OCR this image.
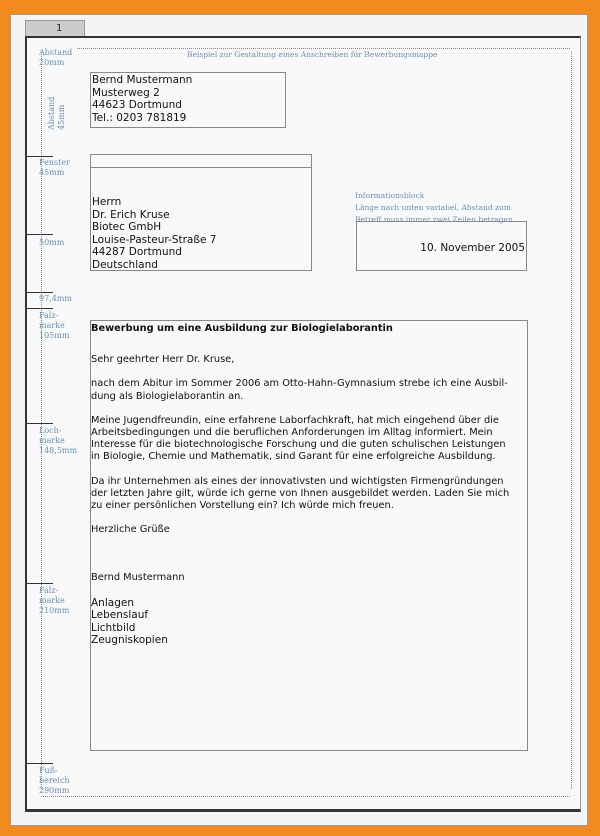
1
Beispiel zur Gestaltung eines Anschreiben für Bewerbungsmappe
Abstand
20mm
Abstand 45mm
Fenster
45mm
50mm
97,4mm
Falz-
marke
105mm
Loch-
marke
148,5mm
Falz-
marke
210mm
Fuß-
bereich
290mm
Bernd Mustermann
Musterweg 2
44623 Dortmund
Tel.: 0203 781819
Herrn
Dr. Erich Kruse
Biotec GmbH
Louise-Pasteur-Straße 7
44287 Dortmund
Deutschland
Informationsblock
Länge nach unten variabel, Abstand zum
Betreff muss immer zwei Zeilen betragen.
10. November 2005

Bewerbung um eine Ausbildung zur Biologielaborantin

Sehr geehrter Herr Dr. Kruse,

nach dem Abitur im Sommer 2006 am Otto-Hahn-Gymnasium strebe ich eine Ausbil-
dung als Biologielaborantin an.

Meine Jugendfreundin, eine erfahrene Laborfachkraft, hat mich eingehend über die
Arbeitsbedingungen und die beruflichen Anforderungen im Alltag informiert. Mein
Interesse für die biotechnologische Forschung und die guten schulischen Leistungen
in Biologie, Chemie und Mathematik, sind Garant für eine erfolgreiche Ausbildung.

Da ihr Unternehmen als eines der innovativsten und wichtigsten Firmengründungen
der letzten Jahre gilt, würde ich gerne von Ihnen ausgebildet werden. Laden Sie mich
zu einer persönlichen Vorstellung ein? Ich würde mich freuen.

Herzliche Grüße

Bernd Mustermann

Anlagen
Lebenslauf
Lichtbild
Zeugniskopien
